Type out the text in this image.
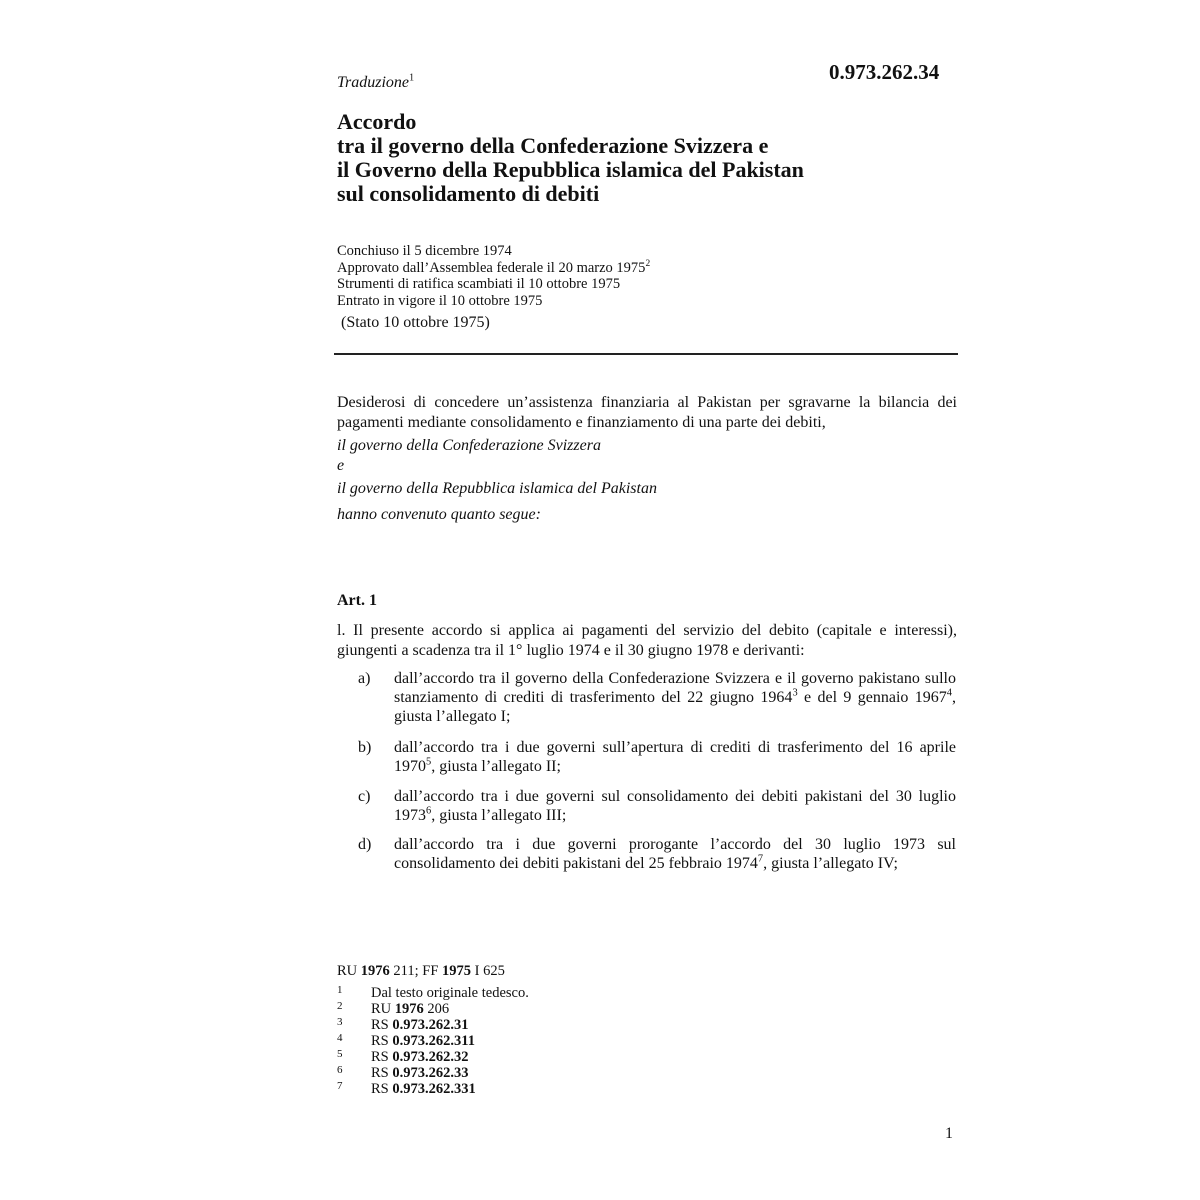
Traduzione$^1$	0.973.262.34
Accordo
tra il governo della Confederazione Svizzera e
il Governo della Repubblica islamica del Pakistan
sul consolidamento di debiti
Conchiuso il 5 dicembre 1974
Approvato dall’Assemblea federale il 20 marzo 1975$^2$
Strumenti di ratifica scambiati il 10 ottobre 1975
Entrato in vigore il 10 ottobre 1975
(Stato 10 ottobre 1975)
Desiderosi di concedere un’assistenza finanziaria al Pakistan per sgravarne la bilancia dei pagamenti mediante consolidamento e finanziamento di una parte dei debiti,
il governo della Confederazione Svizzera
e
il governo della Repubblica islamica del Pakistan
hanno convenuto quanto segue:
Art. 1
l. Il presente accordo si applica ai pagamenti del servizio del debito (capitale e interessi), giungenti a scadenza tra il 1° luglio 1974 e il 30 giugno 1978 e derivanti:
a) dall’accordo tra il governo della Confederazione Svizzera e il governo pakistano sullo stanziamento di crediti di trasferimento del 22 giugno 1964$^3$ e del 9 gennaio 1967$^4$, giusta l’allegato I;
b) dall’accordo tra i due governi sull’apertura di crediti di trasferimento del 16 aprile 1970$^5$, giusta l’allegato II;
c) dall’accordo tra i due governi sul consolidamento dei debiti pakistani del 30 luglio 1973$^6$, giusta l’allegato III;
d) dall’accordo tra i due governi prorogante l’accordo del 30 luglio 1973 sul consolidamento dei debiti pakistani del 25 febbraio 1974$^7$, giusta l’allegato IV;
RU 1976 211; FF 1975 I 625
1 Dal testo originale tedesco.
2 RU 1976 206
3 RS 0.973.262.31
4 RS 0.973.262.311
5 RS 0.973.262.32
6 RS 0.973.262.33
7 RS 0.973.262.331
1
